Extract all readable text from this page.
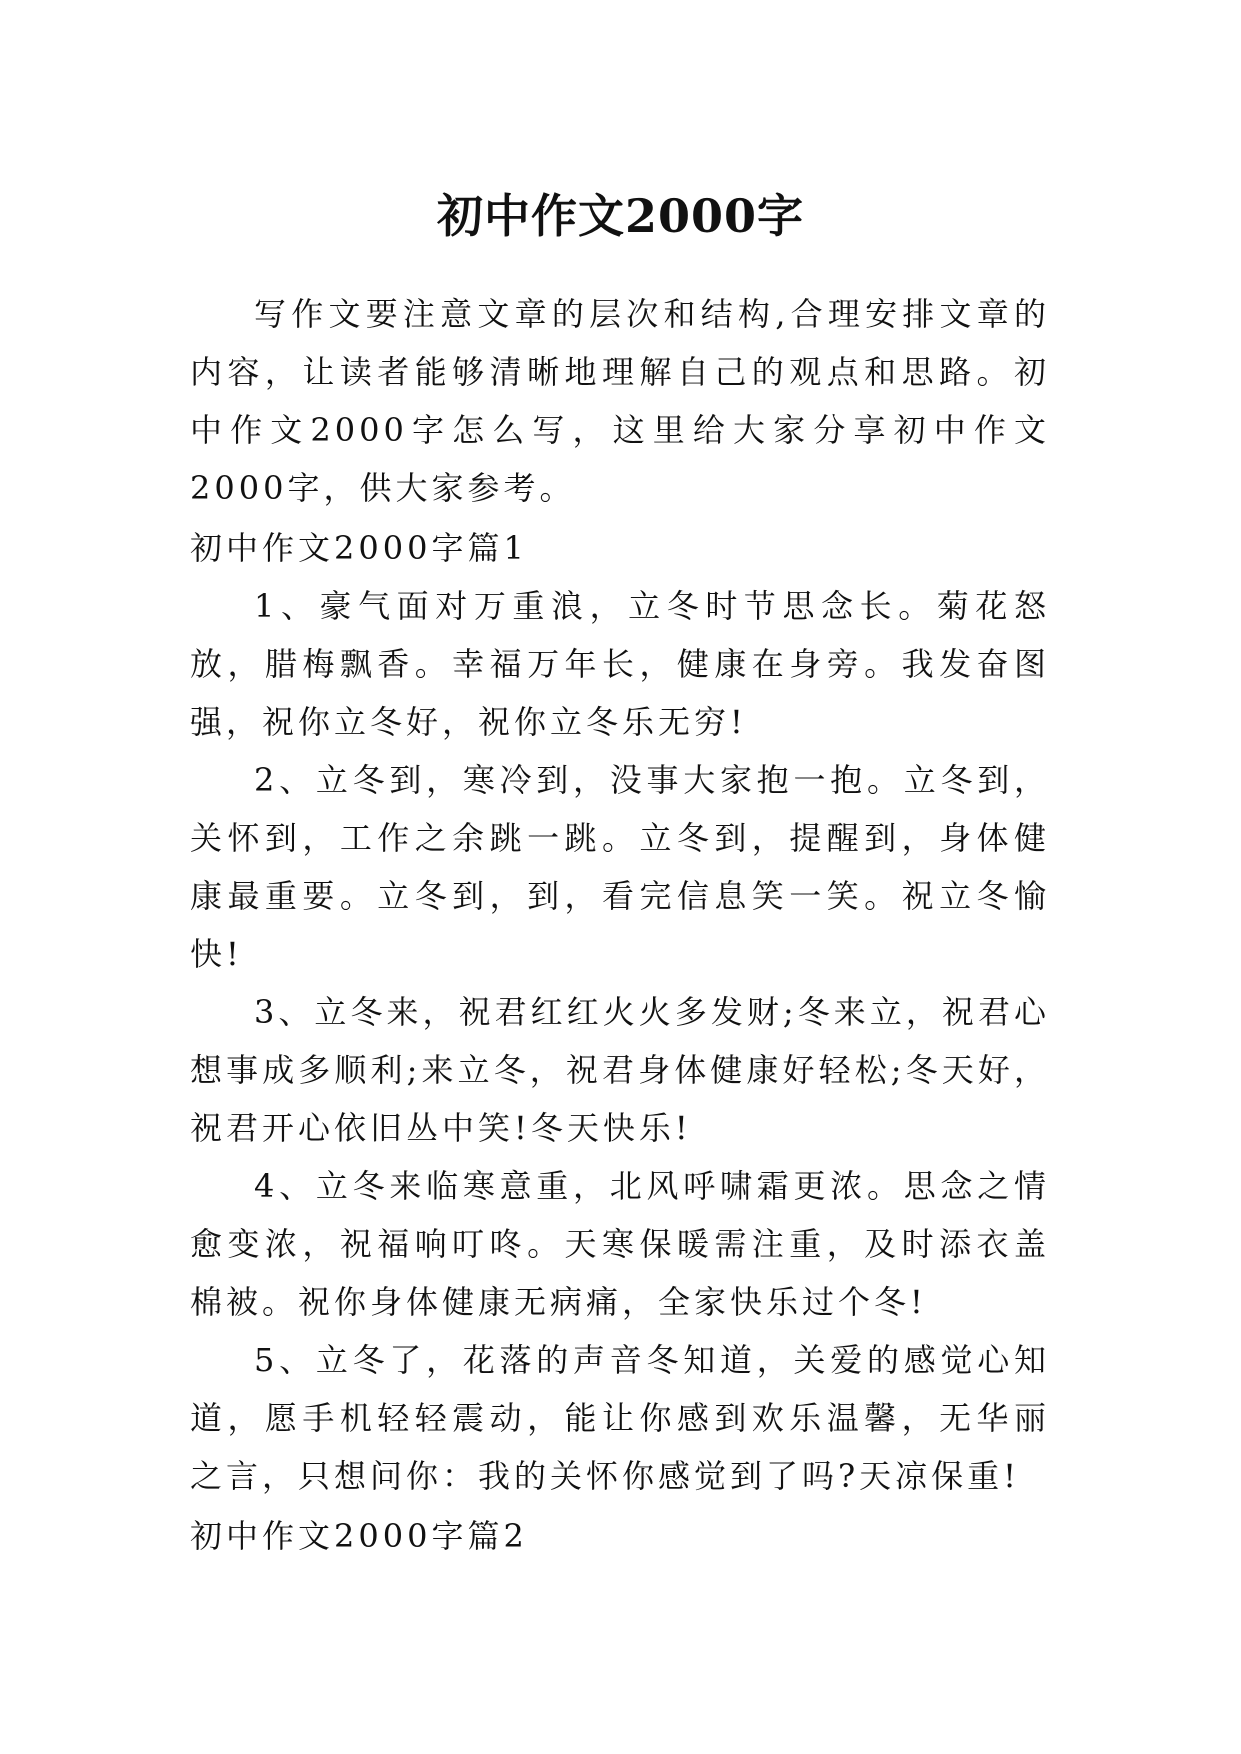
初中作文2000字

写作文要注意文章的层次和结构,合理安排文章的内容，让读者能够清晰地理解自己的观点和思路。初中作文2000字怎么写，这里给大家分享初中作文2000字，供大家参考。

初中作文2000字篇1

1、豪气面对万重浪，立冬时节思念长。菊花怒放，腊梅飘香。幸福万年长，健康在身旁。我发奋图强，祝你立冬好，祝你立冬乐无穷!

2、立冬到，寒冷到，没事大家抱一抱。立冬到，关怀到，工作之余跳一跳。立冬到，提醒到，身体健康最重要。立冬到，到，看完信息笑一笑。祝立冬愉快!

3、立冬来，祝君红红火火多发财;冬来立，祝君心想事成多顺利;来立冬，祝君身体健康好轻松;冬天好，祝君开心依旧丛中笑!冬天快乐!

4、立冬来临寒意重，北风呼啸霜更浓。思念之情愈变浓，祝福响叮咚。天寒保暖需注重，及时添衣盖棉被。祝你身体健康无病痛，全家快乐过个冬!

5、立冬了，花落的声音冬知道，关爱的感觉心知道，愿手机轻轻震动，能让你感到欢乐温馨，无华丽之言，只想问你：我的关怀你感觉到了吗?天凉保重!

初中作文2000字篇2
